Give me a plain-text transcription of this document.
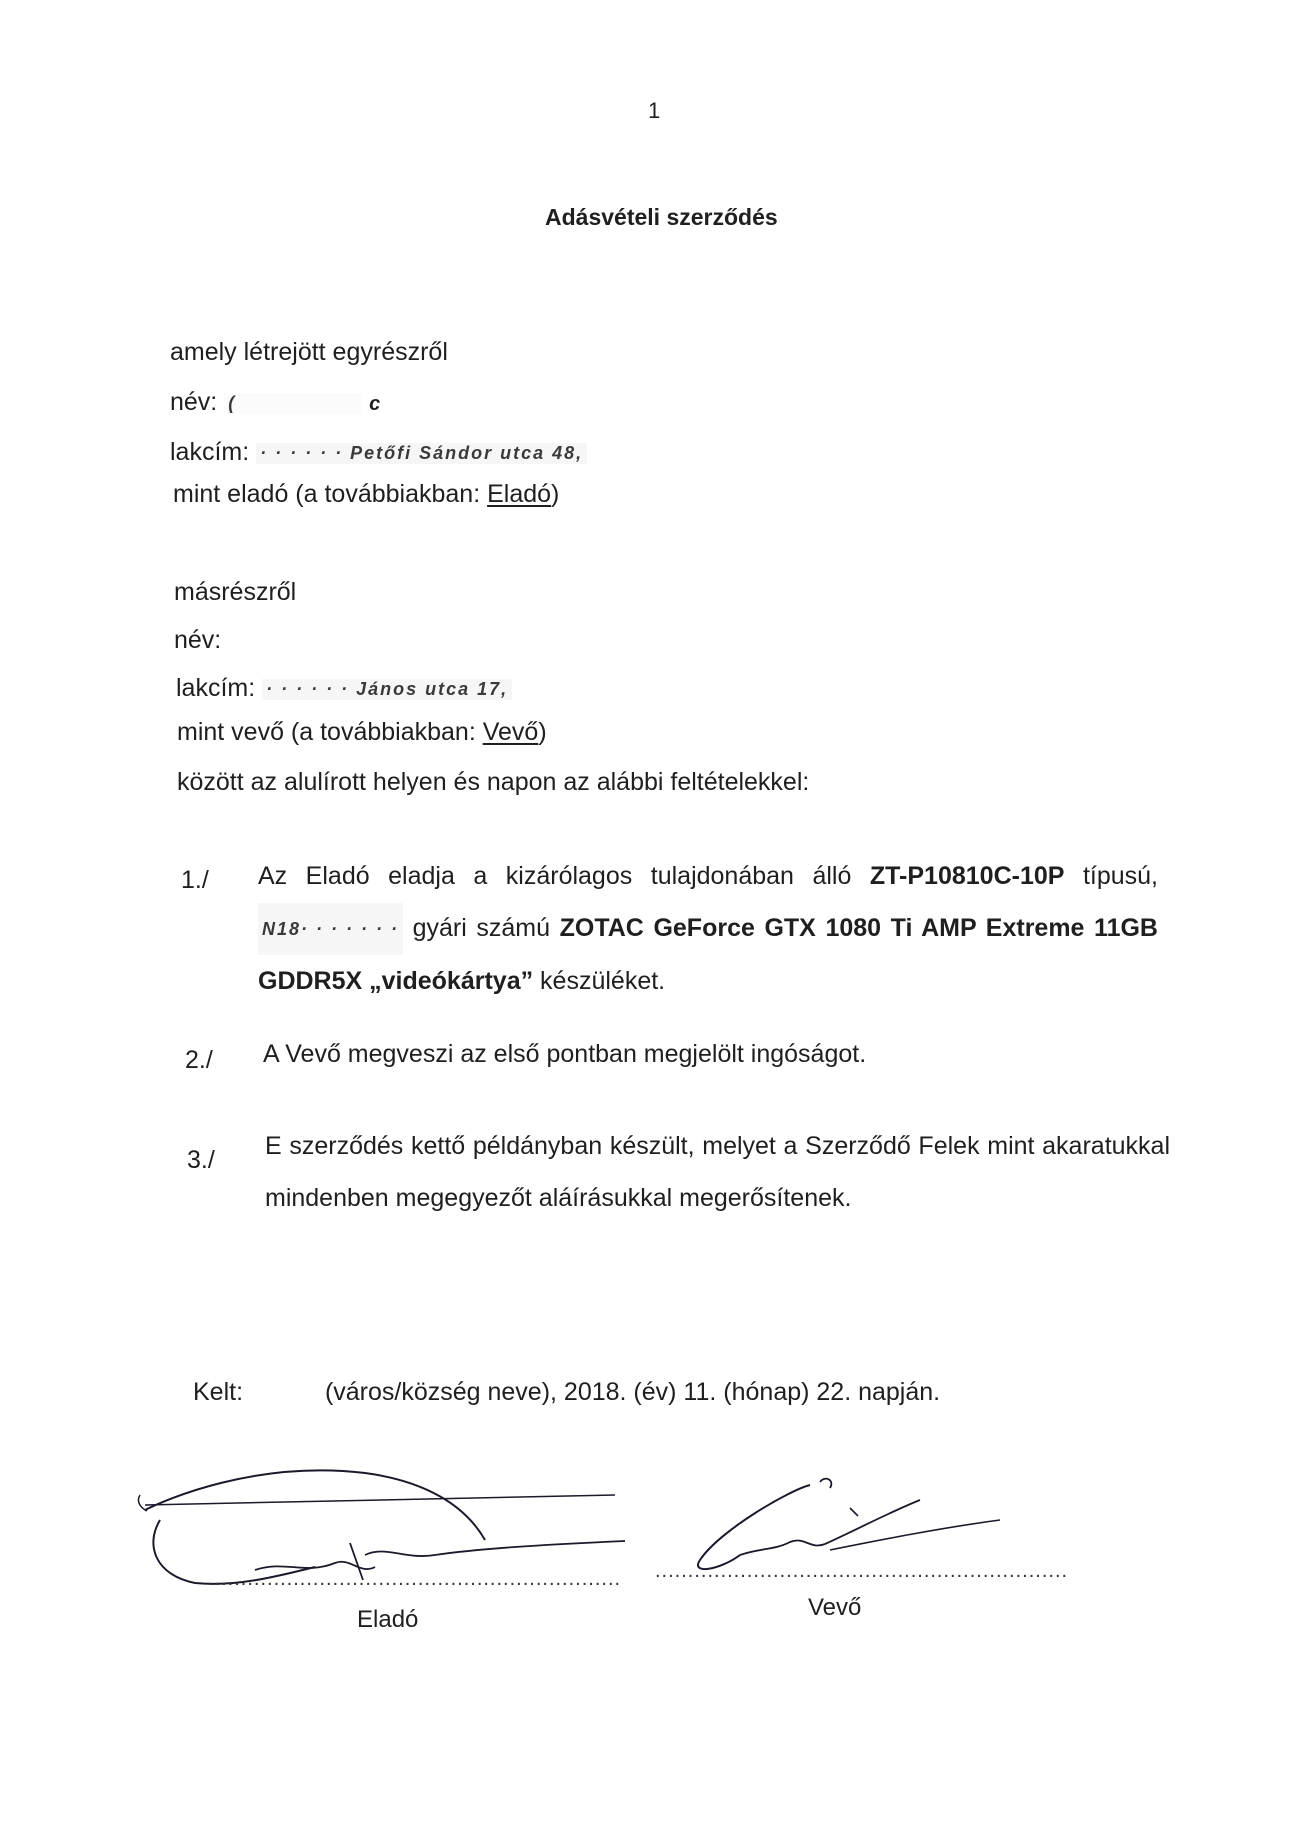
1
Adásvételi szerződés
amely létrejött egyrészről
név: (	c
lakcím: · · · · · · Petőfi Sándor utca 48,
mint eladó (a továbbiakban: Eladó)
másrészről
név:
lakcím: · · · · · · János utca 17,
mint vevő (a továbbiakban: Vevő)
között az alulírott helyen és napon az alábbi feltételekkel:
1./ Az Eladó eladja a kizárólagos tulajdonában álló ZT-P10810C-10P típusú, N18· · · · · · · gyári számú ZOTAC GeForce GTX 1080 Ti AMP Extreme 11GB GDDR5X „videókártya” készüléket.
2./ A Vevő megveszi az első pontban megjelölt ingóságot.
3./ E szerződés kettő példányban készült, melyet a Szerződő Felek mint akaratukkal mindenben megegyezőt aláírásukkal megerősítenek.
Kelt:	(város/község neve), 2018. (év) 11. (hónap) 22. napján.
...............................................................
Eladó
...............................................................
Vevő
